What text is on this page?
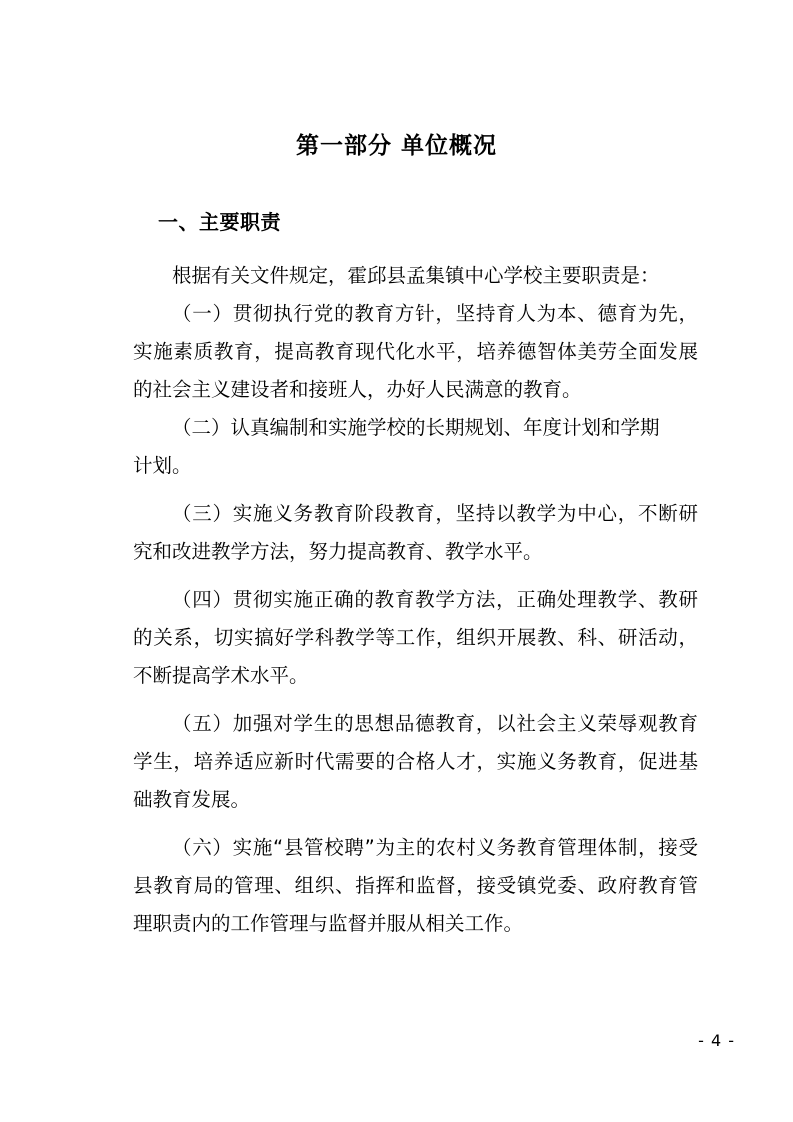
第一部分 单位概况
一、主要职责

根据有关文件规定，霍邱县孟集镇中心学校主要职责是：

（一）贯彻执行党的教育方针，坚持育人为本、德育为先，实施素质教育，提高教育现代化水平，培养德智体美劳全面发展的社会主义建设者和接班人，办好人民满意的教育。

（二）认真编制和实施学校的长期规划、年度计划和学期

计划。

（三）实施义务教育阶段教育，坚持以教学为中心，不断研究和改进教学方法，努力提高教育、教学水平。

（四）贯彻实施正确的教育教学方法，正确处理教学、教研 的关系，切实搞好学科教学等工作，组织开展教、科、研活动，不断提高学术水平。

（五）加强对学生的思想品德教育，以社会主义荣辱观教育 学生，培养适应新时代需要的合格人才，实施义务教育，促进基础教育发展。

（六）实施“县管校聘”为主的农村义务教育管理体制，接受县教育局的管理、组织、指挥和监督，接受镇党委、政府教育管理职责内的工作管理与监督并服从相关工作。

- 4 -
